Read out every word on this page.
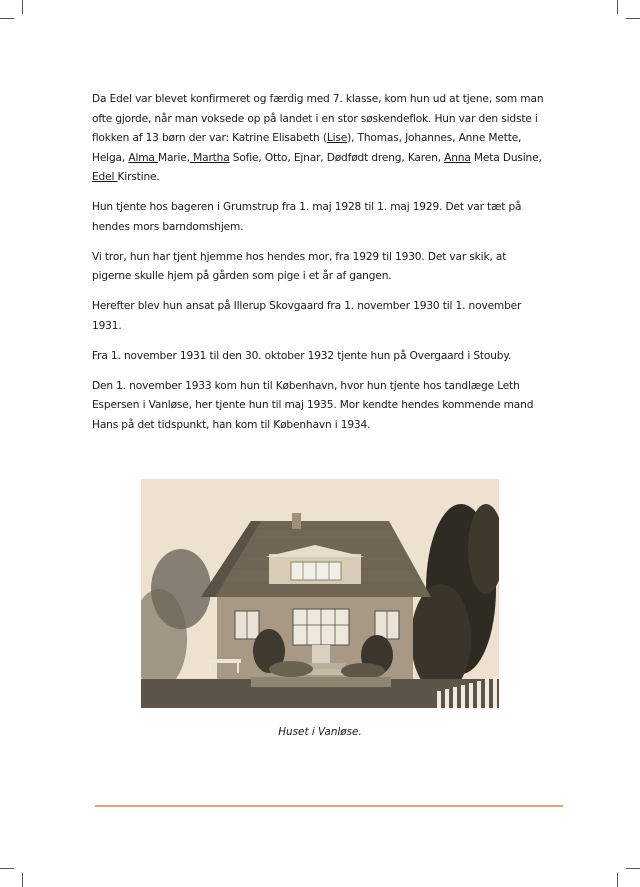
Da Edel var blevet konfirmeret og færdig med 7. klasse, kom hun ud at tjene, som man ofte gjorde, når man voksede op på landet i en stor søskendeflok. Hun var den sidste i flokken af 13 børn der var: Katrine Elisabeth (Lise), Thomas, Johannes, Anne Mette, Helga, Alma Marie, Martha Sofie, Otto, Ejnar, Dødfødt dreng, Karen, Anna Meta Dusine, Edel Kirstine.

Hun tjente hos bageren i Grumstrup fra 1. maj 1928 til 1. maj 1929. Det var tæt på hendes mors barndomshjem.

Vi tror, hun har tjent hjemme hos hendes mor, fra 1929 til 1930. Det var skik, at pigerne skulle hjem på gården som pige i et år af gangen.

Herefter blev hun ansat på Illerup Skovgaard fra 1. november 1930 til 1. november 1931.

Fra 1. november 1931 til den 30. oktober 1932 tjente hun på Overgaard i Stouby.

Den 1. november 1933 kom hun til København, hvor hun tjente hos tandlæge Leth Espersen i Vanløse, her tjente hun til maj 1935. Mor kendte hendes kommende mand Hans på det tidspunkt, han kom til København i 1934.

Huset i Vanløse.
